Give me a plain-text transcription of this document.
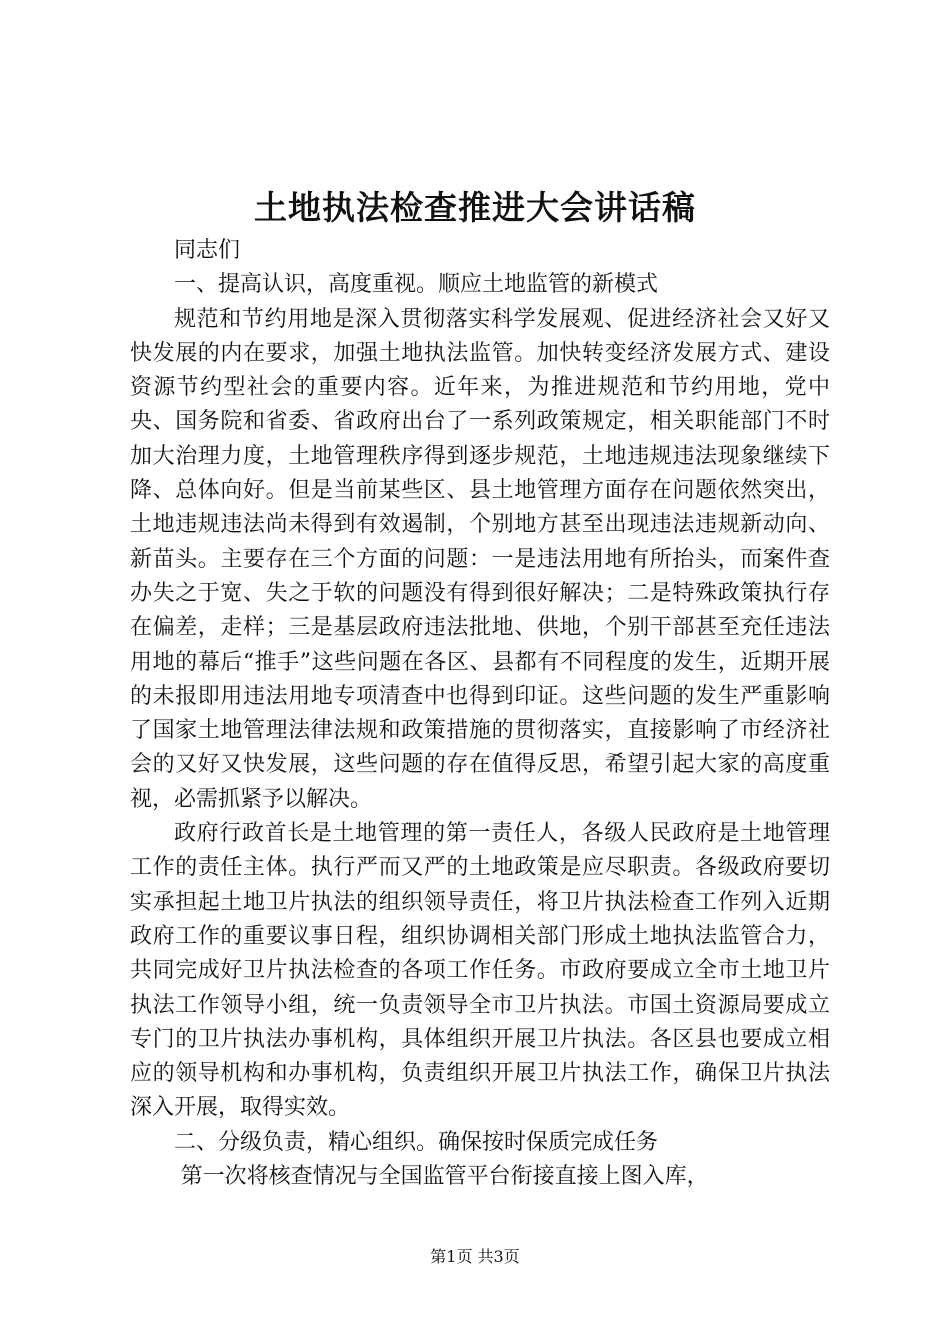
土地执法检查推进大会讲话稿

同志们

一、提高认识，高度重视。顺应土地监管的新模式

规范和节约用地是深入贯彻落实科学发展观、促进经济社会又好又快发展的内在要求，加强土地执法监管。加快转变经济发展方式、建设资源节约型社会的重要内容。近年来，为推进规范和节约用地，党中央、国务院和省委、省政府出台了一系列政策规定，相关职能部门不时加大治理力度，土地管理秩序得到逐步规范，土地违规违法现象继续下降、总体向好。但是当前某些区、县土地管理方面存在问题依然突出，土地违规违法尚未得到有效遏制，个别地方甚至出现违法违规新动向、新苗头。主要存在三个方面的问题：一是违法用地有所抬头，而案件查办失之于宽、失之于软的问题没有得到很好解决；二是特殊政策执行存在偏差，走样；三是基层政府违法批地、供地，个别干部甚至充任违法用地的幕后“推手”这些问题在各区、县都有不同程度的发生，近期开展的未报即用违法用地专项清查中也得到印证。这些问题的发生严重影响了国家土地管理法律法规和政策措施的贯彻落实，直接影响了市经济社会的又好又快发展，这些问题的存在值得反思，希望引起大家的高度重视，必需抓紧予以解决。

政府行政首长是土地管理的第一责任人，各级人民政府是土地管理工作的责任主体。执行严而又严的土地政策是应尽职责。各级政府要切实承担起土地卫片执法的组织领导责任，将卫片执法检查工作列入近期政府工作的重要议事日程，组织协调相关部门形成土地执法监管合力，共同完成好卫片执法检查的各项工作任务。市政府要成立全市土地卫片执法工作领导小组，统一负责领导全市卫片执法。市国土资源局要成立专门的卫片执法办事机构，具体组织开展卫片执法。各区县也要成立相应的领导机构和办事机构，负责组织开展卫片执法工作，确保卫片执法深入开展，取得实效。

二、分级负责，精心组织。确保按时保质完成任务

第一次将核查情况与全国监管平台衔接直接上图入库，

第1页 共3页
